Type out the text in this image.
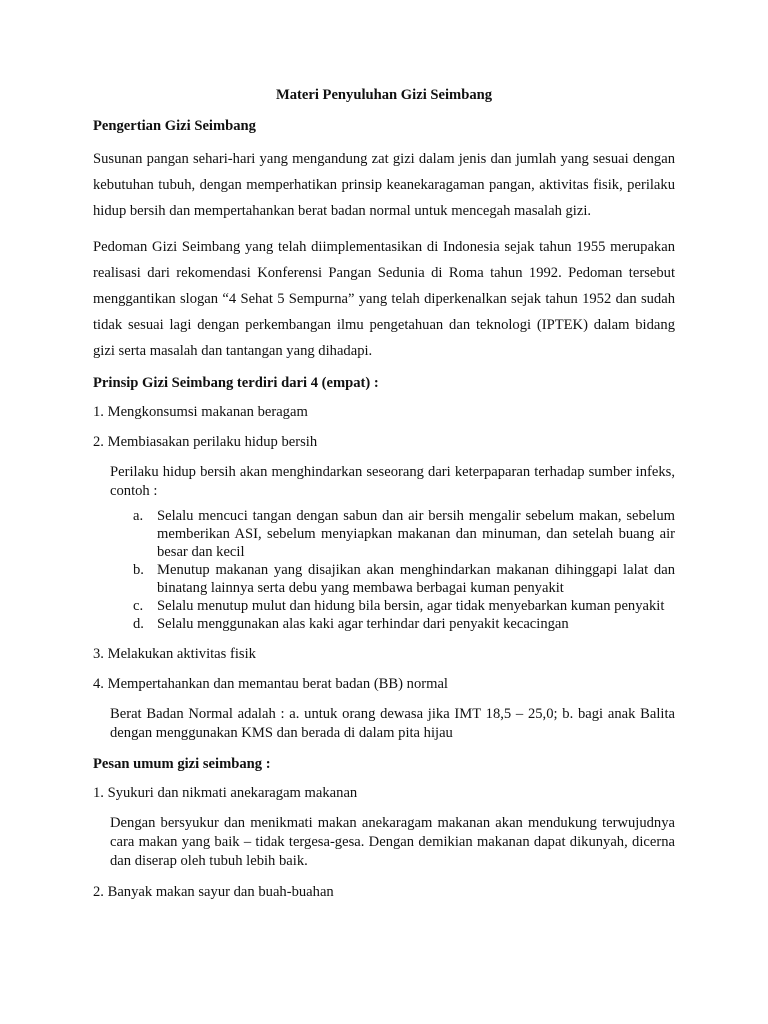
Materi Penyuluhan Gizi Seimbang
Pengertian Gizi Seimbang
Susunan pangan sehari-hari yang mengandung zat gizi dalam jenis dan jumlah yang sesuai dengan kebutuhan tubuh, dengan memperhatikan prinsip keanekaragaman pangan, aktivitas fisik, perilaku hidup bersih dan mempertahankan berat badan normal untuk mencegah masalah gizi.
Pedoman Gizi Seimbang yang telah diimplementasikan di Indonesia sejak tahun 1955 merupakan realisasi dari rekomendasi Konferensi Pangan Sedunia di Roma tahun 1992. Pedoman tersebut menggantikan slogan “4 Sehat 5 Sempurna” yang telah diperkenalkan sejak tahun 1952 dan sudah tidak sesuai lagi dengan perkembangan ilmu pengetahuan dan teknologi (IPTEK) dalam bidang gizi serta masalah dan tantangan yang dihadapi.
Prinsip Gizi Seimbang terdiri dari 4 (empat) :
1. Mengkonsumsi makanan beragam
2. Membiasakan perilaku hidup bersih
Perilaku hidup bersih akan menghindarkan seseorang dari keterpaparan terhadap sumber infeks, contoh :
a. Selalu mencuci tangan dengan sabun dan air bersih mengalir sebelum makan, sebelum memberikan ASI, sebelum menyiapkan makanan dan minuman, dan setelah buang air besar dan kecil
b. Menutup makanan yang disajikan akan menghindarkan makanan dihinggapi lalat dan binatang lainnya serta debu yang membawa berbagai kuman penyakit
c. Selalu menutup mulut dan hidung bila bersin, agar tidak menyebarkan kuman penyakit
d. Selalu menggunakan alas kaki agar terhindar dari penyakit kecacingan
3. Melakukan aktivitas fisik
4. Mempertahankan dan memantau berat badan (BB) normal
Berat Badan Normal adalah : a. untuk orang dewasa jika IMT 18,5 – 25,0; b. bagi anak Balita dengan menggunakan KMS dan berada di dalam pita hijau
Pesan umum gizi seimbang :
1. Syukuri dan nikmati anekaragam makanan
Dengan bersyukur dan menikmati makan anekaragam makanan akan mendukung terwujudnya cara makan yang baik – tidak tergesa-gesa. Dengan demikian makanan dapat dikunyah, dicerna dan diserap oleh tubuh lebih baik.
2. Banyak makan sayur dan buah-buahan
